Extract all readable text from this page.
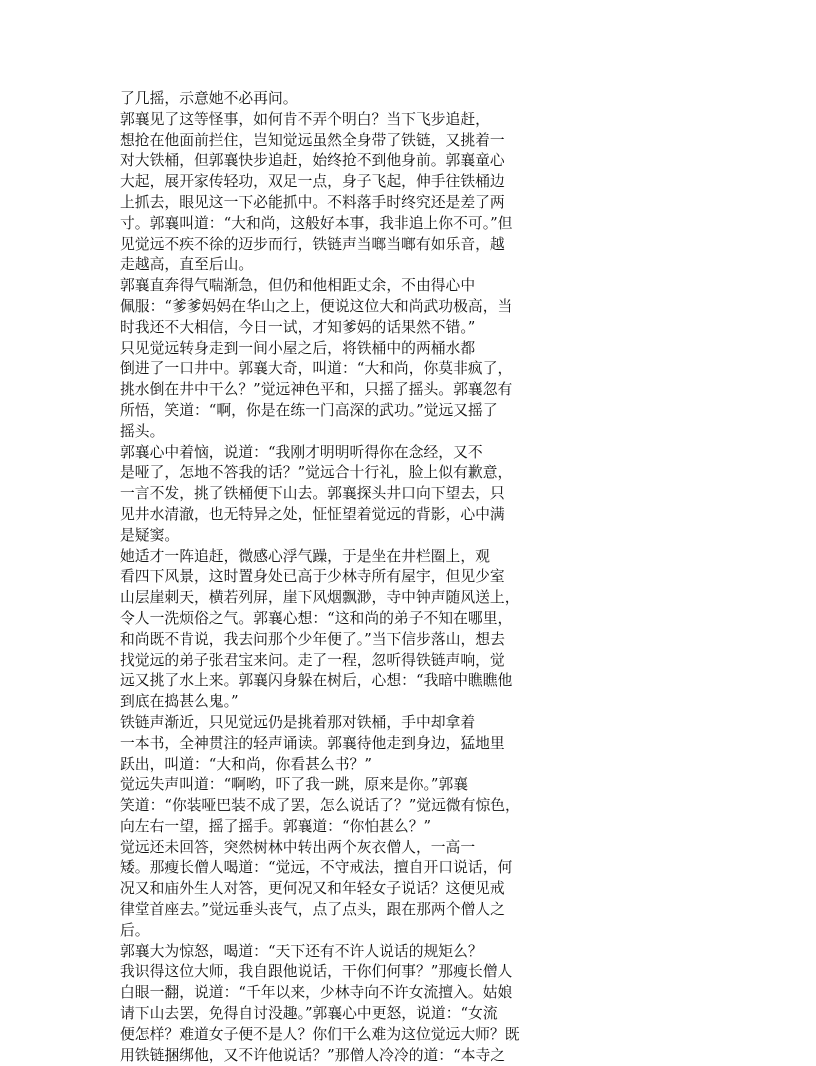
了几摇，示意她不必再问。
郭襄见了这等怪事，如何肯不弄个明白？当下飞步追赶，
想抢在他面前拦住，岂知觉远虽然全身带了铁链，又挑着一
对大铁桶，但郭襄快步追赶，始终抢不到他身前。郭襄童心
大起，展开家传轻功，双足一点，身子飞起，伸手往铁桶边
上抓去，眼见这一下必能抓中。不料落手时终究还是差了两
寸。郭襄叫道：“大和尚，这般好本事，我非追上你不可。”但
见觉远不疾不徐的迈步而行，铁链声当啷当啷有如乐音，越
走越高，直至后山。
郭襄直奔得气喘渐急，但仍和他相距丈余，不由得心中
佩服：“爹爹妈妈在华山之上，便说这位大和尚武功极高，当
时我还不大相信，今日一试，才知爹妈的话果然不错。”
只见觉远转身走到一间小屋之后，将铁桶中的两桶水都
倒进了一口井中。郭襄大奇，叫道：“大和尚，你莫非疯了，
挑水倒在井中干么？”觉远神色平和，只摇了摇头。郭襄忽有
所悟，笑道：“啊，你是在练一门高深的武功。”觉远又摇了
摇头。
郭襄心中着恼，说道：“我刚才明明听得你在念经，又不
是哑了，怎地不答我的话？”觉远合十行礼，脸上似有歉意，
一言不发，挑了铁桶便下山去。郭襄探头井口向下望去，只
见井水清澈，也无特异之处，怔怔望着觉远的背影，心中满
是疑窦。
她适才一阵追赶，微感心浮气躁，于是坐在井栏圈上，观
看四下风景，这时置身处已高于少林寺所有屋宇，但见少室
山层崖刺天，横若列屏，崖下风烟飘渺，寺中钟声随风送上，
令人一洗烦俗之气。郭襄心想：“这和尚的弟子不知在哪里，
和尚既不肯说，我去问那个少年便了。”当下信步落山，想去
找觉远的弟子张君宝来问。走了一程，忽听得铁链声响，觉
远又挑了水上来。郭襄闪身躲在树后，心想：“我暗中瞧瞧他
到底在捣甚么鬼。”
铁链声渐近，只见觉远仍是挑着那对铁桶，手中却拿着
一本书，全神贯注的轻声诵读。郭襄待他走到身边，猛地里
跃出，叫道：“大和尚，你看甚么书？”
觉远失声叫道：“啊哟，吓了我一跳，原来是你。”郭襄
笑道：“你装哑巴装不成了罢，怎么说话了？”觉远微有惊色，
向左右一望，摇了摇手。郭襄道：“你怕甚么？”
觉远还未回答，突然树林中转出两个灰衣僧人，一高一
矮。那瘦长僧人喝道：“觉远，不守戒法，擅自开口说话，何
况又和庙外生人对答，更何况又和年轻女子说话？这便见戒
律堂首座去。”觉远垂头丧气，点了点头，跟在那两个僧人之
后。
郭襄大为惊怒，喝道：“天下还有不许人说话的规矩么？
我识得这位大师，我自跟他说话，干你们何事？”那瘦长僧人
白眼一翻，说道：“千年以来，少林寺向不许女流擅入。姑娘
请下山去罢，免得自讨没趣。”郭襄心中更怒，说道：“女流
便怎样？难道女子便不是人？你们干么难为这位觉远大师？既
用铁链捆绑他，又不许他说话？”那僧人冷冷的道：“本寺之
